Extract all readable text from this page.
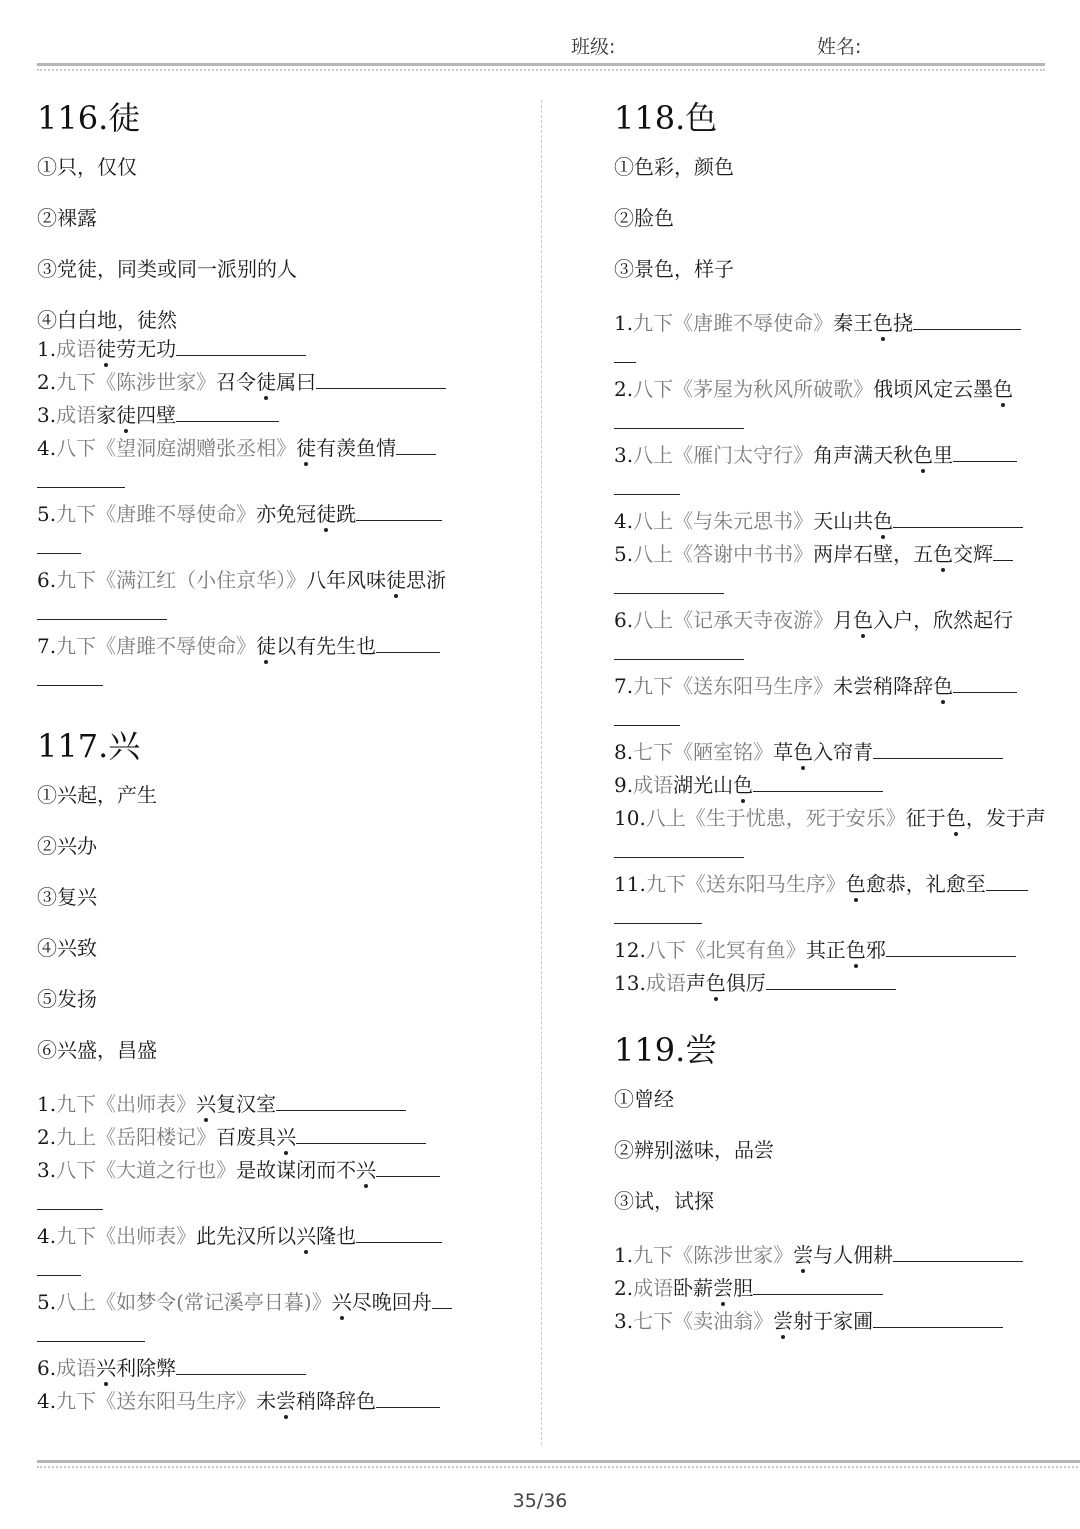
班级:	姓名:
116.徒

①只，仅仅

②裸露

③党徒，同类或同一派别的人

④白白地，徒然

1.成语徒劳无功

2.九下《陈涉世家》召令徒属曰

3.成语家徒四壁

4.八下《望洞庭湖赠张丞相》徒有羡鱼情

5.九下《唐雎不辱使命》亦免冠徒跣

6.九下《满江红（小住京华）》八年风味徒思浙

7.九下《唐雎不辱使命》徒以有先生也

117.兴

①兴起，产生

②兴办

③复兴

④兴致

⑤发扬

⑥兴盛，昌盛

1.九下《出师表》兴复汉室

2.九上《岳阳楼记》百废具兴

3.八下《大道之行也》是故谋闭而不兴

4.九下《出师表》此先汉所以兴隆也

5.八上《如梦令(常记溪亭日暮)》兴尽晚回舟

6.成语兴利除弊

4.九下《送东阳马生序》未尝稍降辞色

118.色

①色彩，颜色

②脸色

③景色，样子

1.九下《唐雎不辱使命》秦王色挠

2.八下《茅屋为秋风所破歌》俄顷风定云墨色

3.八上《雁门太守行》角声满天秋色里

4.八上《与朱元思书》天山共色

5.八上《答谢中书书》两岸石壁，五色交辉

6.八上《记承天寺夜游》月色入户，欣然起行

7.九下《送东阳马生序》未尝稍降辞色

8.七下《陋室铭》草色入帘青

9.成语湖光山色

10.八上《生于忧患，死于安乐》征于色，发于声

11.九下《送东阳马生序》色愈恭，礼愈至

12.八下《北冥有鱼》其正色邪

13.成语声色俱厉

119.尝

①曾经

②辨别滋味，品尝

③试，试探

1.九下《陈涉世家》尝与人佣耕

2.成语卧薪尝胆

3.七下《卖油翁》尝射于家圃

35/36
